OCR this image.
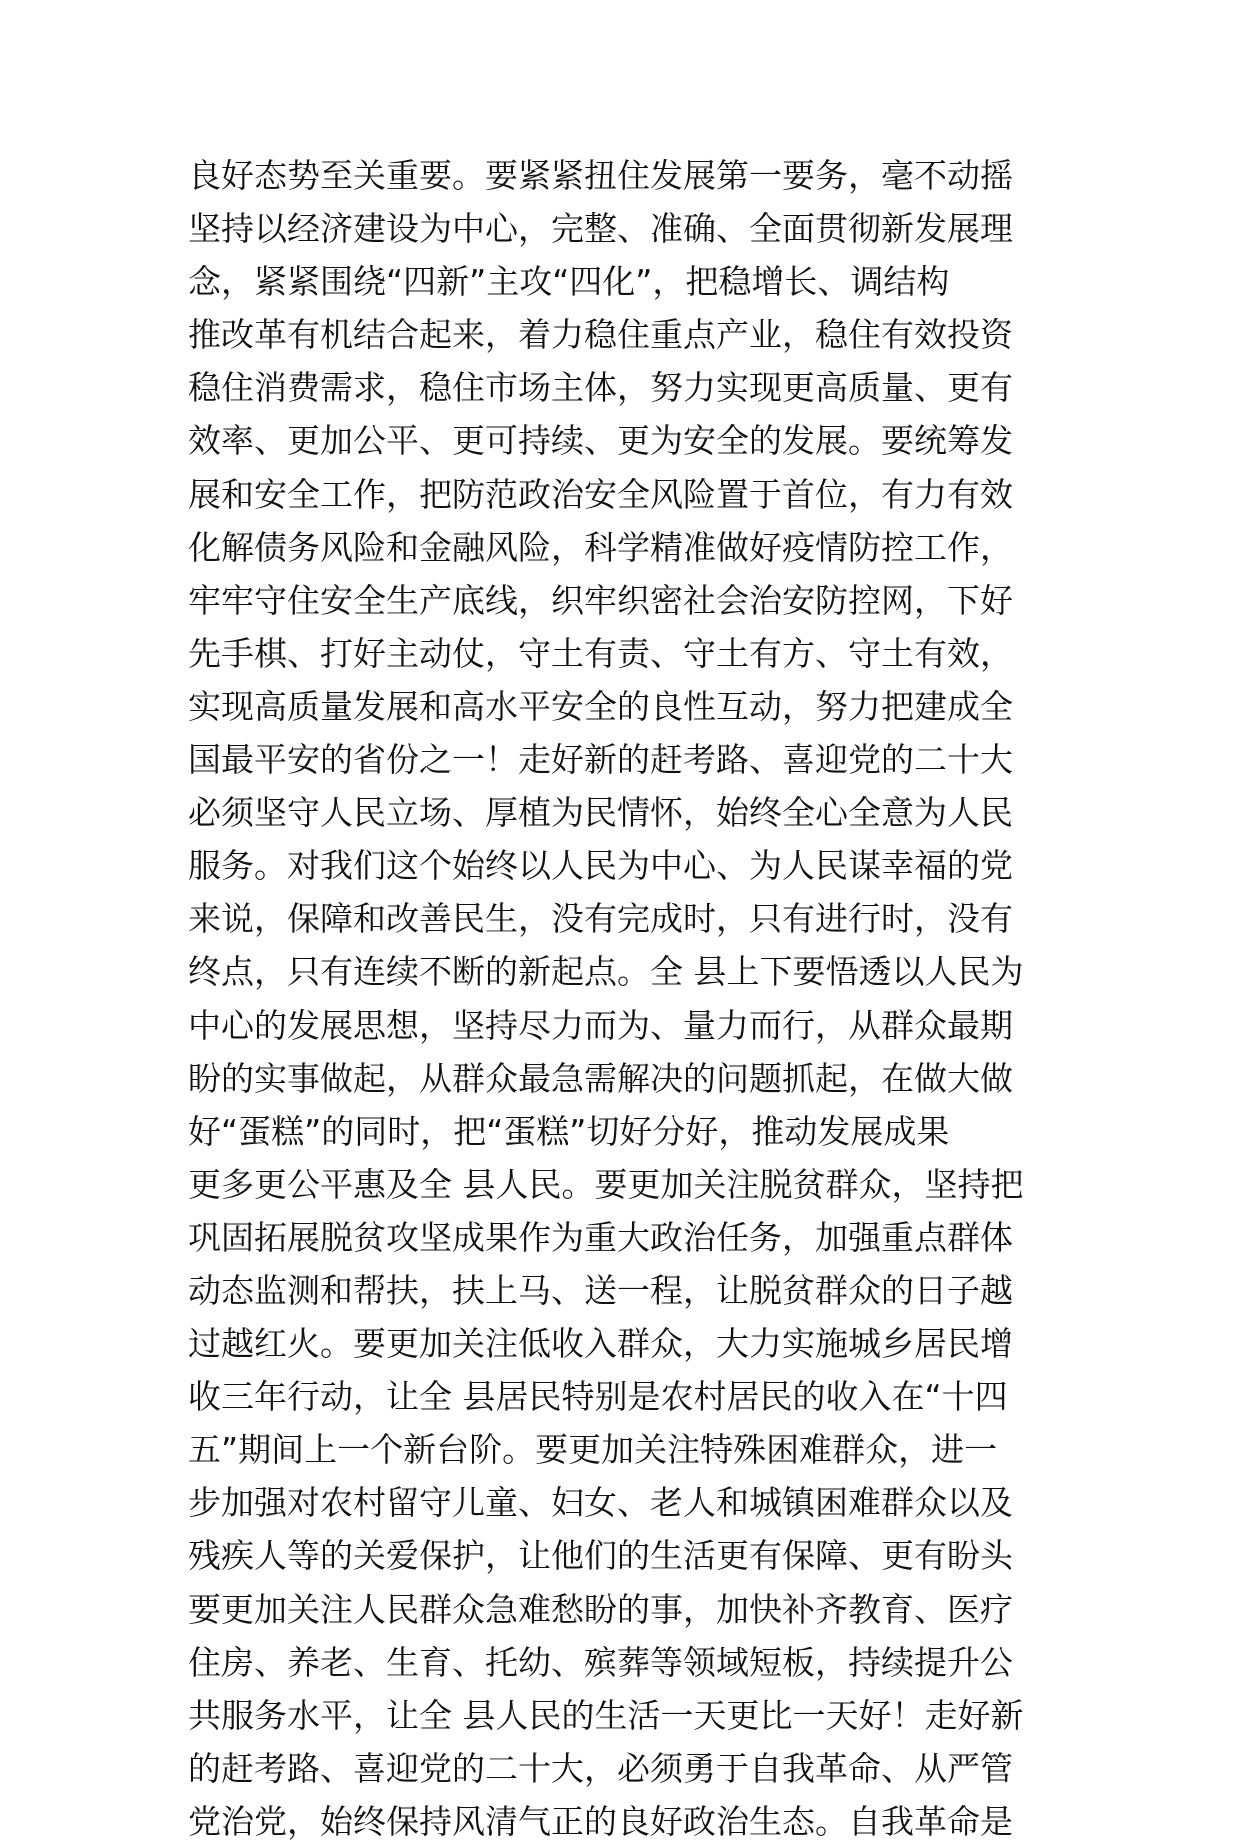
良好态势至关重要。要紧紧扭住发展第一要务，毫不动摇
坚持以经济建设为中心，完整、准确、全面贯彻新发展理
念，紧紧围绕“四新”主攻“四化”，把稳增长、调结构
推改革有机结合起来，着力稳住重点产业，稳住有效投资
稳住消费需求，稳住市场主体，努力实现更高质量、更有
效率、更加公平、更可持续、更为安全的发展。要统筹发
展和安全工作，把防范政治安全风险置于首位，有力有效
化解债务风险和金融风险，科学精准做好疫情防控工作，
牢牢守住安全生产底线，织牢织密社会治安防控网，下好
先手棋、打好主动仗，守土有责、守土有方、守土有效，
实现高质量发展和高水平安全的良性互动，努力把建成全
国最平安的省份之一！走好新的赶考路、喜迎党的二十大
必须坚守人民立场、厚植为民情怀，始终全心全意为人民
服务。对我们这个始终以人民为中心、为人民谋幸福的党
来说，保障和改善民生，没有完成时，只有进行时，没有
终点，只有连续不断的新起点。全 县上下要悟透以人民为
中心的发展思想，坚持尽力而为、量力而行，从群众最期
盼的实事做起，从群众最急需解决的问题抓起，在做大做
好“蛋糕”的同时，把“蛋糕”切好分好，推动发展成果
更多更公平惠及全 县人民。要更加关注脱贫群众，坚持把
巩固拓展脱贫攻坚成果作为重大政治任务，加强重点群体
动态监测和帮扶，扶上马、送一程，让脱贫群众的日子越
过越红火。要更加关注低收入群众，大力实施城乡居民增
收三年行动，让全 县居民特别是农村居民的收入在“十四
五”期间上一个新台阶。要更加关注特殊困难群众，进一
步加强对农村留守儿童、妇女、老人和城镇困难群众以及
残疾人等的关爱保护，让他们的生活更有保障、更有盼头
要更加关注人民群众急难愁盼的事，加快补齐教育、医疗
住房、养老、生育、托幼、殡葬等领域短板，持续提升公
共服务水平，让全 县人民的生活一天更比一天好！走好新
的赶考路、喜迎党的二十大，必须勇于自我革命、从严管
党治党，始终保持风清气正的良好政治生态。自我革命是
